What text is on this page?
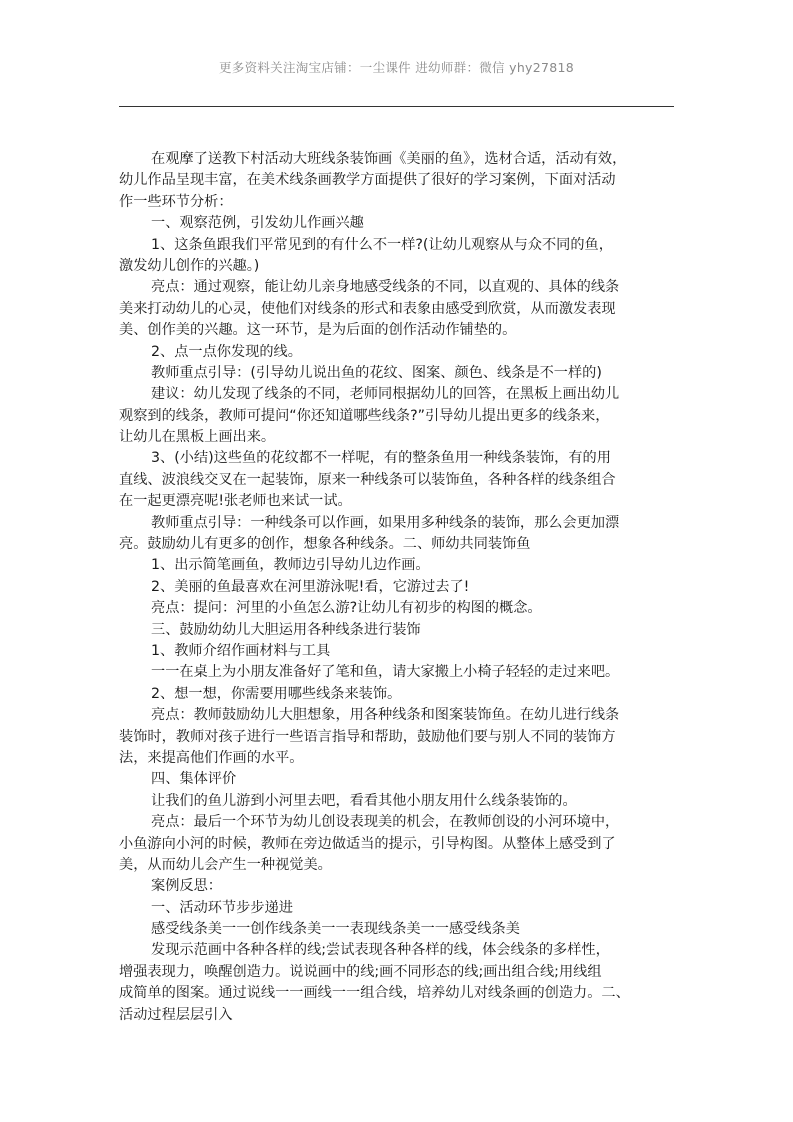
更多资料关注淘宝店铺：一尘课件 进幼师群：微信 yhy27818
在观摩了送教下村活动大班线条装饰画《美丽的鱼》，选材合适，活动有效，
幼儿作品呈现丰富，在美术线条画教学方面提供了很好的学习案例，下面对活动
作一些环节分析：
一、观察范例，引发幼儿作画兴趣
1、这条鱼跟我们平常见到的有什么不一样?(让幼儿观察从与众不同的鱼，
激发幼儿创作的兴趣。)
亮点：通过观察，能让幼儿亲身地感受线条的不同，以直观的、具体的线条
美来打动幼儿的心灵，使他们对线条的形式和表象由感受到欣赏，从而激发表现
美、创作美的兴趣。这一环节，是为后面的创作活动作铺垫的。
2、点一点你发现的线。
教师重点引导：(引导幼儿说出鱼的花纹、图案、颜色、线条是不一样的)
建议：幼儿发现了线条的不同，老师同根据幼儿的回答，在黑板上画出幼儿
观察到的线条，教师可提问“你还知道哪些线条?”引导幼儿提出更多的线条来，
让幼儿在黑板上画出来。
3、(小结)这些鱼的花纹都不一样呢，有的整条鱼用一种线条装饰，有的用
直线、波浪线交叉在一起装饰，原来一种线条可以装饰鱼，各种各样的线条组合
在一起更漂亮呢!张老师也来试一试。
教师重点引导：一种线条可以作画，如果用多种线条的装饰，那么会更加漂
亮。鼓励幼儿有更多的创作，想象各种线条。二、师幼共同装饰鱼
1、出示简笔画鱼，教师边引导幼儿边作画。
2、美丽的鱼最喜欢在河里游泳呢!看，它游过去了!
亮点：提问：河里的小鱼怎么游?让幼儿有初步的构图的概念。
三、鼓励幼幼儿大胆运用各种线条进行装饰
1、教师介绍作画材料与工具
一一在桌上为小朋友准备好了笔和鱼，请大家搬上小椅子轻轻的走过来吧。
2、想一想，你需要用哪些线条来装饰。
亮点：教师鼓励幼儿大胆想象，用各种线条和图案装饰鱼。在幼儿进行线条
装饰时，教师对孩子进行一些语言指导和帮助，鼓励他们要与别人不同的装饰方
法，来提高他们作画的水平。
四、集体评价
让我们的鱼儿游到小河里去吧，看看其他小朋友用什么线条装饰的。
亮点：最后一个环节为幼儿创设表现美的机会，在教师创设的小河环境中，
小鱼游向小河的时候，教师在旁边做适当的提示，引导构图。从整体上感受到了
美，从而幼儿会产生一种视觉美。
案例反思：
一、活动环节步步递进
感受线条美一一创作线条美一一表现线条美一一感受线条美
发现示范画中各种各样的线;尝试表现各种各样的线，体会线条的多样性，
增强表现力，唤醒创造力。说说画中的线;画不同形态的线;画出组合线;用线组
成简单的图案。通过说线一一画线一一组合线，培养幼儿对线条画的创造力。二、
活动过程层层引入
